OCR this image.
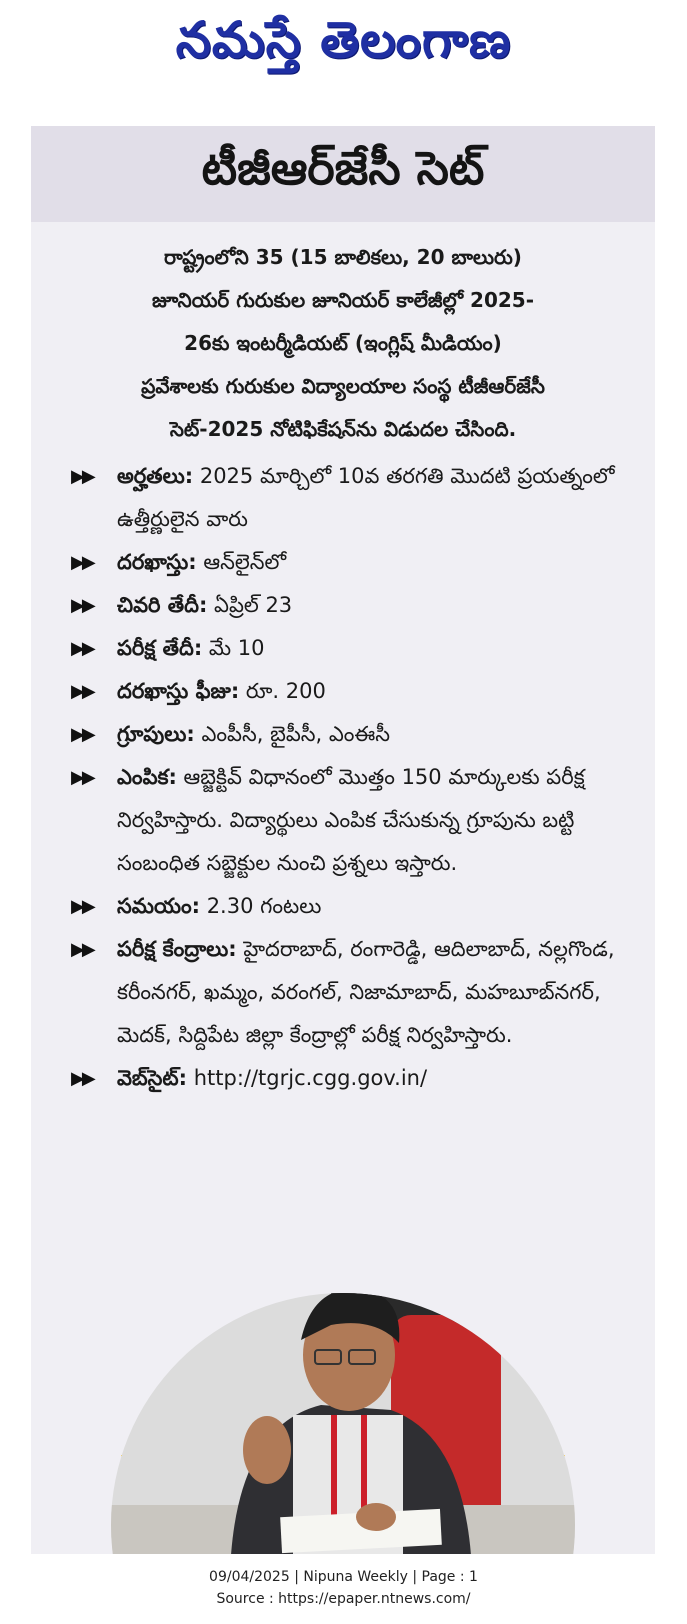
నమస్తే తెలంగాణ
టీజీఆర్‌జేసీ సెట్
రాష్ట్రంలోని 35 (15 బాలికలు, 20 బాలురు)
జూనియర్ గురుకుల జూనియర్ కాలేజీల్లో 2025-
26కు ఇంటర్మీడియట్ (ఇంగ్లిష్ మీడియం)
ప్రవేశాలకు గురుకుల విద్యాలయాల సంస్థ టీజీఆర్‌జేసీ
సెట్-2025 నోటిఫికేషన్‌ను విడుదల చేసింది.
▶▶ అర్హతలు: 2025 మార్చిలో 10వ తరగతి మొదటి ప్రయత్నంలో ఉత్తీర్ణులైన వారు
▶▶ దరఖాస్తు: ఆన్‌లైన్‌లో
▶▶ చివరి తేదీ: ఏప్రిల్ 23
▶▶ పరీక్ష తేదీ: మే 10
▶▶ దరఖాస్తు ఫీజు: రూ. 200
▶▶ గ్రూపులు: ఎంపీసీ, బైపీసీ, ఎంఈసీ
▶▶ ఎంపిక: ఆబ్జెక్టివ్ విధానంలో మొత్తం 150 మార్కులకు పరీక్ష నిర్వహిస్తారు. విద్యార్థులు ఎంపిక చేసుకున్న గ్రూపును బట్టి సంబంధిత సబ్జెక్టుల నుంచి ప్రశ్నలు ఇస్తారు.
▶▶ సమయం: 2.30 గంటలు
▶▶ పరీక్ష కేంద్రాలు: హైదరాబాద్, రంగారెడ్డి, ఆదిలాబాద్, నల్లగొండ, కరీంనగర్, ఖమ్మం, వరంగల్, నిజామాబాద్, మహబూబ్‌నగర్, మెదక్, సిద్దిపేట జిల్లా కేంద్రాల్లో పరీక్ష నిర్వహిస్తారు.
▶▶ వెబ్‌సైట్: http://tgrjc.cgg.gov.in/
09/04/2025 | Nipuna Weekly | Page : 1
Source : https://epaper.ntnews.com/
